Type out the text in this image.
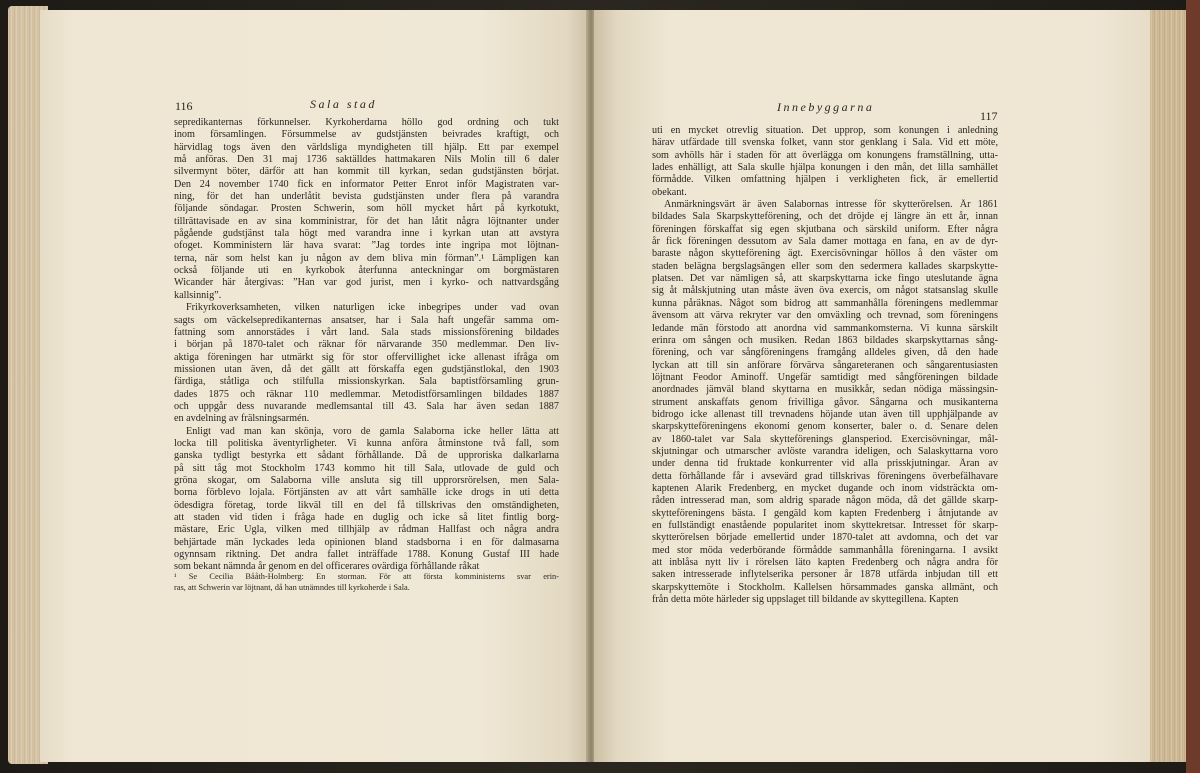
116	Sala stad
sepredikanternas förkunnelser. Kyrkoherdarna höllo god ordning och tukt
inom församlingen. Försummelse av gudstjänsten beivrades kraftigt, och
härvidlag togs även den världsliga myndigheten till hjälp. Ett par exempel
må anföras. Den 31 maj 1736 saktälldes hattmakaren Nils Molin till 6 daler
silvermynt böter, därför att han kommit till kyrkan, sedan gudstjänsten börjat.
Den 24 november 1740 fick en informator Petter Enrot inför Magistraten var-
ning, för det han underlåtit bevista gudstjänsten under flera på varandra
följande söndagar. Prosten Schwerin, som höll mycket hårt på kyrkotukt,
tillrättavisade en av sina komministrar, för det han låtit några löjtnanter under
pågående gudstjänst tala högt med varandra inne i kyrkan utan att avstyra
ofoget. Komministern lär hava svarat: ”Jag tordes inte ingripa mot löjtnan-
terna, när som helst kan ju någon av dem bliva min förman”.¹ Lämpligen kan
också följande uti en kyrkobok återfunna anteckningar om borgmästaren
Wicander här återgivas: ”Han var god jurist, men i kyrko- och nattvardsgång
kallsinnig”.
Frikyrkoverksamheten, vilken naturligen icke inbegripes under vad ovan
sagts om väckelsepredikanternas ansatser, har i Sala haft ungefär samma om-
fattning som annorstädes i vårt land. Sala stads missionsförening bildades
i början på 1870-talet och räknar för närvarande 350 medlemmar. Den liv-
aktiga föreningen har utmärkt sig för stor offervillighet icke allenast ifråga om
missionen utan även, då det gällt att förskaffa egen gudstjänstlokal, den 1903
färdiga, ståtliga och stilfulla missionskyrkan. Sala baptistförsamling grun-
dades 1875 och räknar 110 medlemmar. Metodistförsamlingen bildades 1887
och uppgår dess nuvarande medlemsantal till 43. Sala har även sedan 1887
en avdelning av frälsningsarmén.
Enligt vad man kan skönja, voro de gamla Salaborna icke heller lätta att
locka till politiska äventyrligheter. Vi kunna anföra åtminstone två fall, som
ganska tydligt bestyrka ett sådant förhållande. Då de upproriska dalkarlarna
på sitt tåg mot Stockholm 1743 kommo hit till Sala, utlovade de guld och
gröna skogar, om Salaborna ville ansluta sig till upprorsrörelsen, men Sala-
borna förblevo lojala. Förtjänsten av att vårt samhälle icke drogs in uti detta
ödesdigra företag, torde likväl till en del få tillskrivas den omständigheten,
att staden vid tiden i fråga hade en duglig och icke så litet fintlig borg-
mästare, Eric Ugla, vilken med tillhjälp av rådman Hallfast och några andra
behjärtade män lyckades leda opinionen bland stadsborna i en för dalmasarna
ogynnsam riktning. Det andra fallet inträffade 1788. Konung Gustaf III hade
som bekant nämnda år genom en del officerares ovärdiga förhållande råkat
¹ Se Cecilia Bååth-Holmberg: En storman. För att första komministerns svar erin-
ras, att Schwerin var löjtnant, då han utnämndes till kyrkoherde i Sala.
Innebyggarna
117
uti en mycket otrevlig situation. Det upprop, som konungen i anledning
härav utfärdade till svenska folket, vann stor genklang i Sala. Vid ett möte,
som avhölls här i staden för att överlägga om konungens framställning, utta-
lades enhälligt, att Sala skulle hjälpa konungen i den mån, det lilla samhället
förmådde. Vilken omfattning hjälpen i verkligheten fick, är emellertid
obekant.
Anmärkningsvärt är även Salabornas intresse för skytterörelsen. Är 1861
bildades Sala Skarpskytteförening, och det dröjde ej längre än ett år, innan
föreningen förskaffat sig egen skjutbana och särskild uniform. Efter några
år fick föreningen dessutom av Sala damer mottaga en fana, en av de dyr-
baraste någon skytteförening ägt. Exercisövningar höllos å den väster om
staden belägna bergslagsängen eller som den sedermera kallades skarpskytte-
platsen. Det var nämligen så, att skarpskyttarna icke fingo uteslutande ägna
sig åt målskjutning utan måste även öva exercis, om något statsanslag skulle
kunna påräknas. Något som bidrog att sammanhålla föreningens medlemmar
ävensom att värva rekryter var den omväxling och trevnad, som föreningens
ledande män förstodo att anordna vid sammankomsterna. Vi kunna särskilt
erinra om sången och musiken. Redan 1863 bildades skarpskyttarnas sång-
förening, och var sångföreningens framgång alldeles given, då den hade
lyckan att till sin anförare förvärva sångareteranen och sångarentusiasten
löjtnant Feodor Aminoff. Ungefär samtidigt med sångföreningen bildade
anordnades jämväl bland skyttarna en musikkår, sedan nödiga mässingsin-
strument anskaffats genom frivilliga gåvor. Sångarna och musikanterna
bidrogo icke allenast till trevnadens höjande utan även till upphjälpande av
skarpskytteföreningens ekonomi genom konserter, baler o. d. Senare delen
av 1860-talet var Sala skytteförenings glansperiod. Exercisövningar, mål-
skjutningar och utmarscher avlöste varandra ideligen, och Salaskyttarna voro
under denna tid fruktade konkurrenter vid alla prisskjutningar. Äran av
detta förhållande får i avsevärd grad tillskrivas föreningens överbefälhavare
kaptenen Alarik Fredenberg, en mycket dugande och inom vidsträckta om-
råden intresserad man, som aldrig sparade någon möda, då det gällde skarp-
skytteföreningens bästa. I gengäld kom kapten Fredenberg i åtnjutande av
en fullständigt enastående popularitet inom skyttekretsar. Intresset för skarp-
skytterörelsen började emellertid under 1870-talet att avdomna, och det var
med stor möda vederbörande förmådde sammanhålla föreningarna. I avsikt
att inblåsa nytt liv i rörelsen läto kapten Fredenberg och några andra för
saken intresserade inflytelserika personer år 1878 utfärda inbjudan till ett
skarpskyttemöte i Stockholm. Kallelsen hörsammades ganska allmänt, och
från detta möte härleder sig uppslaget till bildande av skyttegillena. Kapten
